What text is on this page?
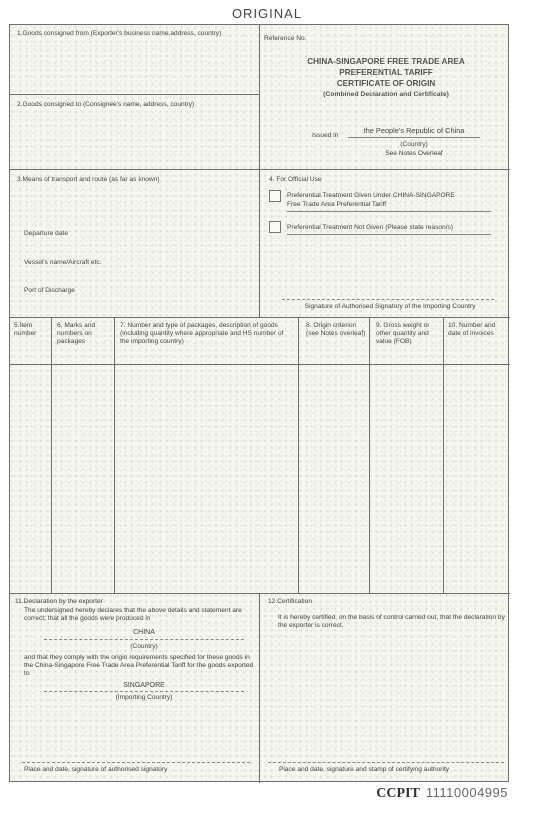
ORIGINAL
1.Goods consigned from (Exporter's business name,address, country)
2.Goods consigned to (Consignee's name, address, country)
Reference No.
CHINA-SINGAPORE FREE TRADE AREA
PREFERENTIAL TARIFF
CERTIFICATE OF ORIGIN
(Combined Declaration and Certificate)
Issued in
the People's Republic of China
(Country)
See Notes Overleaf
3.Means of transport and route (as far as known)
Departure date
Vessel's name/Aircraft etc.
Port of Discharge
4. For Official Use
Preferential Treatment Given Under CHINA-SINGAPORE
Free Trade Area Preferential Tariff
Preferential Treatment Not Given (Please state reason/s)
Signature of Authorised Signatory of the Importing Country
5.Item number
6. Marks and numbers on packages
7. Number and type of packages, description of goods (including quantity where appropriate and HS number of the importing country)
8. Origin criterion (see Notes overleaf)
9. Gross weight or other quantity and value (FOB)
10. Number and date of invoices
11.Declaration by the exporter
The undersigned hereby declares that the above details and statement are correct; that all the goods were produced in
CHINA
(Country)
and that they comply with the origin requirements specified for these goods in the China-Singapore Free Trade Area Preferential Tariff for the goods exported to
SINGAPORE
(Importing Country)
Place and date, signature of authorised signatory
12.Certification
It is hereby certified, on the basis of control carried out, that the declaration by the exporter is correct.
Place and date, signature and stamp of certifying authority
CCPIT 11110004995
